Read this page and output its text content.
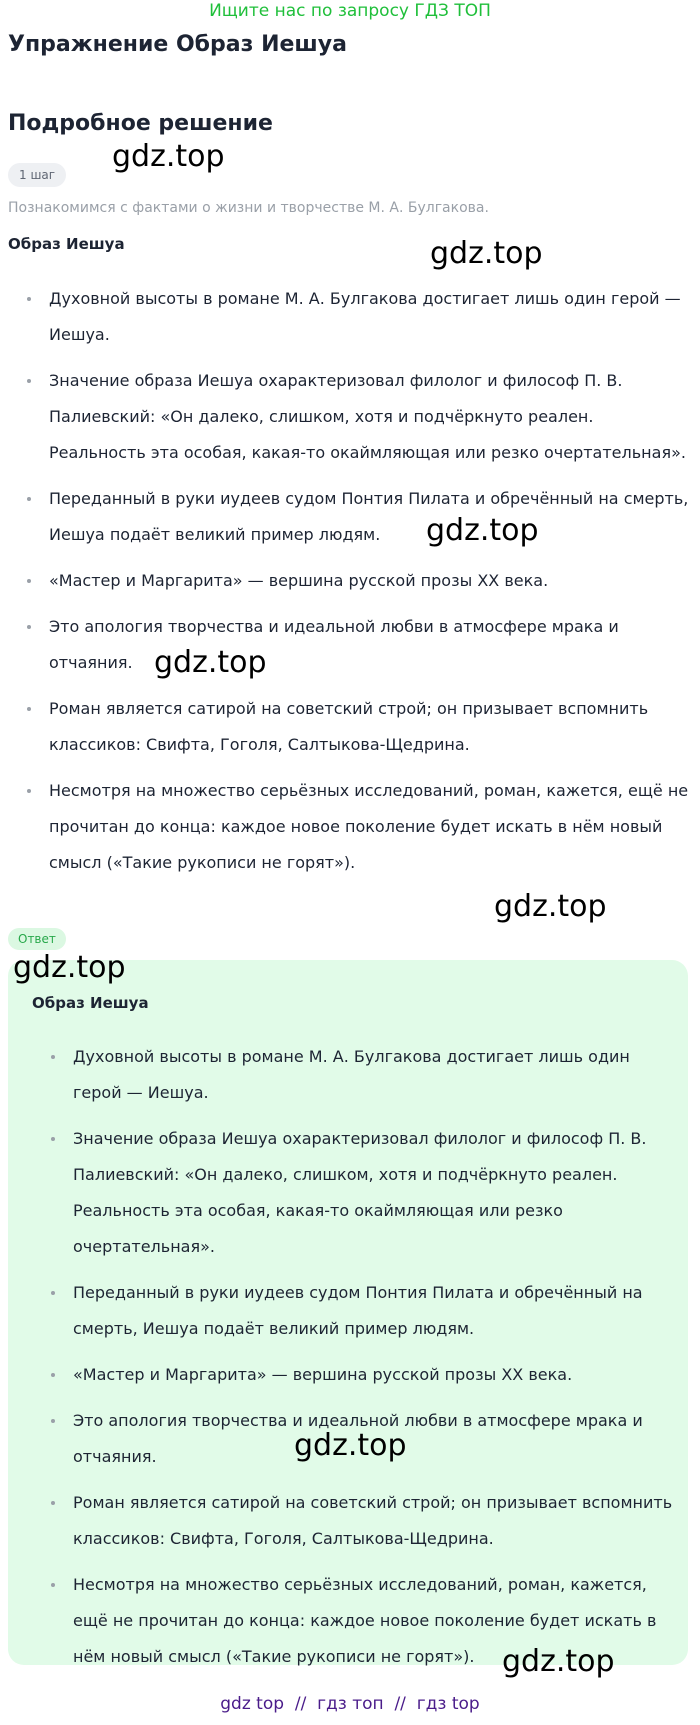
Ищите нас по запросу ГДЗ ТОП
Упражнение Образ Иешуа
Подробное решение
1 шаг
Познакомимся с фактами о жизни и творчестве М. А. Булгакова.
Образ Иешуа
Духовной высоты в романе М. А. Булгакова достигает лишь один герой — Иешуа.
Значение образа Иешуа охарактеризовал филолог и философ П. В. Палиевский: «Он далеко, слишком, хотя и подчёркнуто реален. Реальность эта особая, какая-то окаймляющая или резко очертательная».
Переданный в руки иудеев судом Понтия Пилата и обречённый на смерть, Иешуа подаёт великий пример людям.
«Мастер и Маргарита» — вершина русской прозы XX века.
Это апология творчества и идеальной любви в атмосфере мрака и отчаяния.
Роман является сатирой на советский строй; он призывает вспомнить классиков: Свифта, Гоголя, Салтыкова-Щедрина.
Несмотря на множество серьёзных исследований, роман, кажется, ещё не прочитан до конца: каждое новое поколение будет искать в нём новый смысл («Такие рукописи не горят»).
Ответ
Образ Иешуа
Духовной высоты в романе М. А. Булгакова достигает лишь один герой — Иешуа.
Значение образа Иешуа охарактеризовал филолог и философ П. В. Палиевский: «Он далеко, слишком, хотя и подчёркнуто реален. Реальность эта особая, какая-то окаймляющая или резко очертательная».
Переданный в руки иудеев судом Понтия Пилата и обречённый на смерть, Иешуа подаёт великий пример людям.
«Мастер и Маргарита» — вершина русской прозы XX века.
Это апология творчества и идеальной любви в атмосфере мрака и отчаяния.
Роман является сатирой на советский строй; он призывает вспомнить классиков: Свифта, Гоголя, Салтыкова-Щедрина.
Несмотря на множество серьёзных исследований, роман, кажется, ещё не прочитан до конца: каждое новое поколение будет искать в нём новый смысл («Такие рукописи не горят»).
gdz.top
gdz.top
gdz.top
gdz.top
gdz.top
gdz.top
gdz.top
gdz.top
gdz top  //  гдз топ  //  гдз top
